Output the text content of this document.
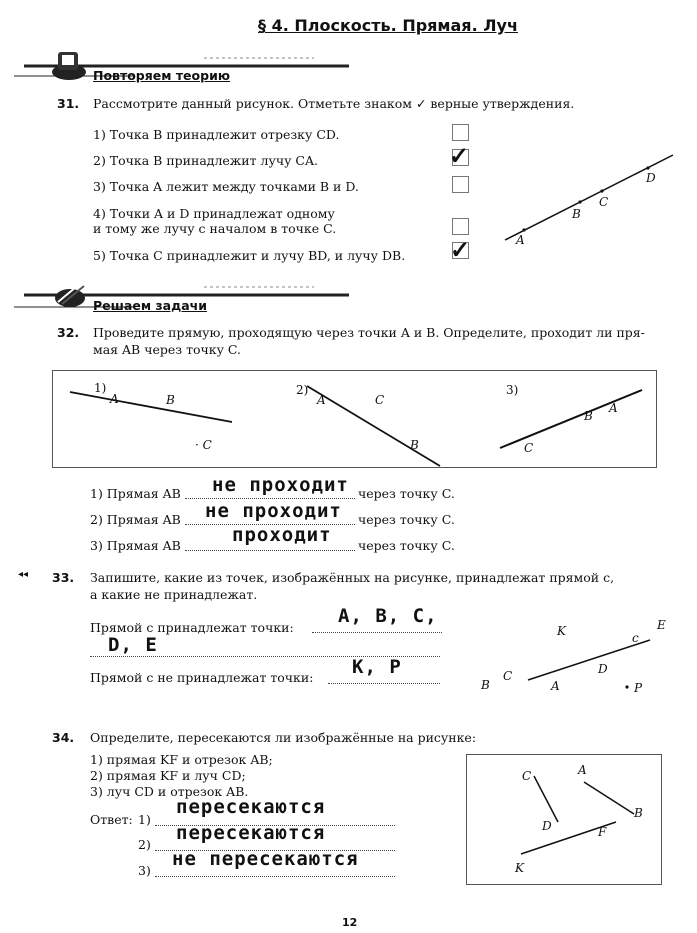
§ 4. Плоскость. Прямая. Луч
Повторяем теорию
31. Рассмотрите данный рисунок. Отметьте знаком ✓ верные утверждения.
1) Точка B принадлежит отрезку CD.
2) Точка B принадлежит лучу CA.
3) Точка A лежит между точками B и D.
4) Точки A и D принадлежат одному
и тому же лучу с началом в точке C.
5) Точка C принадлежит и лучу BD, и лучу DB.
✓
✓	A
B
C
D
Решаем задачи
32. Проведите прямую, проходящую через точки A и B. Определите, проходит ли пря-
мая AB через точку C.
1)
A	B
· C
2)
A	C
B
3)
B
A
C
1) Прямая AB не проходит через точку C.
2) Прямая AB не проходит через точку C.
3) Прямая AB	проходит через точку C.
◂◂ 33. Запишите, какие из точек, изображённых на рисунке, принадлежат прямой c,
а какие не принадлежат.
Прямой c принадлежат точки:
A, B, C,
D, E
Прямой c не принадлежат точки: K, P
K	c
E
D
A
B
C
P
34. Определите, пересекаются ли изображённые на рисунке:
1) прямая KF и отрезок AB;
2) прямая KF и луч CD;
3) луч CD и отрезок AB.
Ответ: 1)
пересекаются
2)
пересекаются
3)
не пересекаются
C	A
D
B
F
K
12
